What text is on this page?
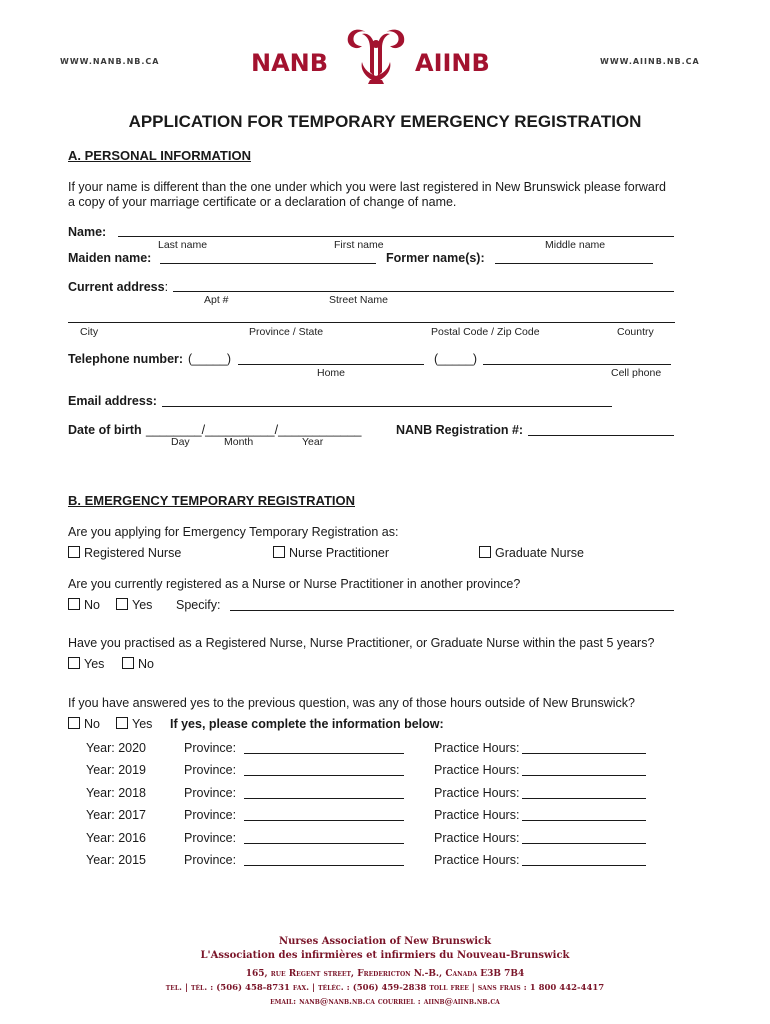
WWW.NANB.NB.CA	WWW.AIINB.NB.CA
NANB	AIINB
APPLICATION FOR TEMPORARY EMERGENCY REGISTRATION
A. PERSONAL INFORMATION
If your name is different than the one under which you were last registered in New Brunswick please forward
a copy of your marriage certificate or a declaration of change of name.
Name:
Last name	First name	Middle name
Maiden name:	Former name(s):
Current address:
Apt #	Street Name
City	Province / State	Postal Code / Zip Code	Country
Telephone number: (_____)	(_____)
Home	Cell phone
Email address:
Date of birth ________/__________/____________
Day	Month	Year
NANB Registration #:
B. EMERGENCY TEMPORARY REGISTRATION
Are you applying for Emergency Temporary Registration as:
Registered Nurse	Nurse Practitioner	Graduate Nurse
Are you currently registered as a Nurse or Nurse Practitioner in another province?
No	Yes Specify:
Have you practised as a Registered Nurse, Nurse Practitioner, or Graduate Nurse within the past 5 years?
Yes	No
If you have answered yes to the previous question, was any of those hours outside of New Brunswick?
No	Yes If yes, please complete the information below:
Year: 2020	Province:	Practice Hours:
Year: 2019	Province:	Practice Hours:
Year: 2018	Province:	Practice Hours:
Year: 2017	Province:	Practice Hours:
Year: 2016	Province:	Practice Hours:
Year: 2015	Province:	Practice Hours:
Nurses Association of New Brunswick
L'Association des infirmières et infirmiers du Nouveau-Brunswick
165, rue Regent street, Fredericton N.-B., Canada E3B 7B4
tel. | tél. : (506) 458-8731 fax. | téléc. : (506) 459-2838 toll free | sans frais : 1 800 442-4417
email: nanb@nanb.nb.ca courriel : aiinb@aiinb.nb.ca
